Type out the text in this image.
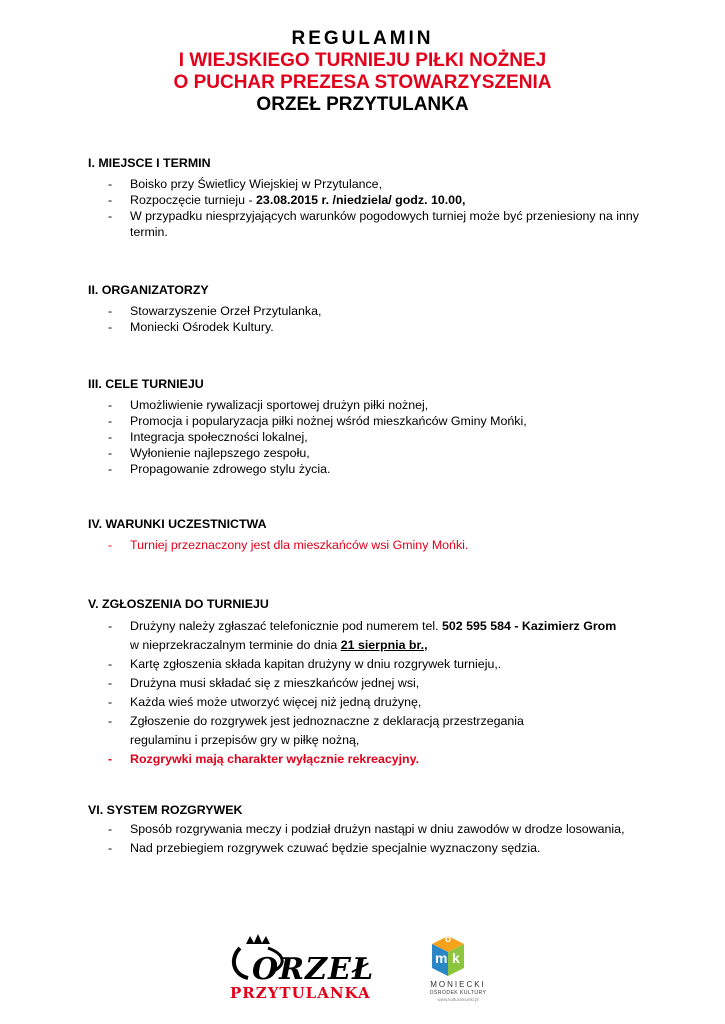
REGULAMIN
I WIEJSKIEGO TURNIEJU PIŁKI NOŻNEJ
O PUCHAR PREZESA STOWARZYSZENIA
ORZEŁ PRZYTULANKA
I. MIEJSCE I TERMIN
- Boisko przy Świetlicy Wiejskiej w Przytulance,
- Rozpoczęcie turnieju - 23.08.2015 r. /niedziela/ godz. 10.00,
- W przypadku niesprzyjających warunków pogodowych turniej może być przeniesiony na inny termin.
II. ORGANIZATORZY
- Stowarzyszenie Orzeł Przytulanka,
- Moniecki Ośrodek Kultury.
III. CELE TURNIEJU
- Umożliwienie rywalizacji sportowej drużyn piłki nożnej,
- Promocja i popularyzacja piłki nożnej wśród mieszkańców Gminy Mońki,
- Integracja społeczności lokalnej,
- Wyłonienie najlepszego zespołu,
- Propagowanie zdrowego stylu życia.
IV. WARUNKI UCZESTNICTWA
- Turniej przeznaczony jest dla mieszkańców wsi Gminy Mońki.
V. ZGŁOSZENIA DO TURNIEJU
- Drużyny należy zgłaszać telefonicznie pod numerem tel. 502 595 584 - Kazimierz Grom
w nieprzekraczalnym terminie do dnia 21 sierpnia br.,
- Kartę zgłoszenia składa kapitan drużyny w dniu rozgrywek turnieju,.
- Drużyna musi składać się z mieszkańców jednej wsi,
- Każda wieś może utworzyć więcej niż jedną drużynę,
- Zgłoszenie do rozgrywek jest jednoznaczne z deklaracją przestrzegania regulaminu i przepisów gry w piłkę nożną,
- Rozgrywki mają charakter wyłącznie rekreacyjny.
VI. SYSTEM ROZGRYWEK
- Sposób rozgrywania meczy i podział drużyn nastąpi w dniu zawodów w drodze losowania,
- Nad przebiegiem rozgrywek czuwać będzie specjalnie wyznaczony sędzia.
ORZEŁ
PRZYTULANKA
m
o
k
MONIECKI
OŚRODEK KULTURY
www.kulturamonki.pl
